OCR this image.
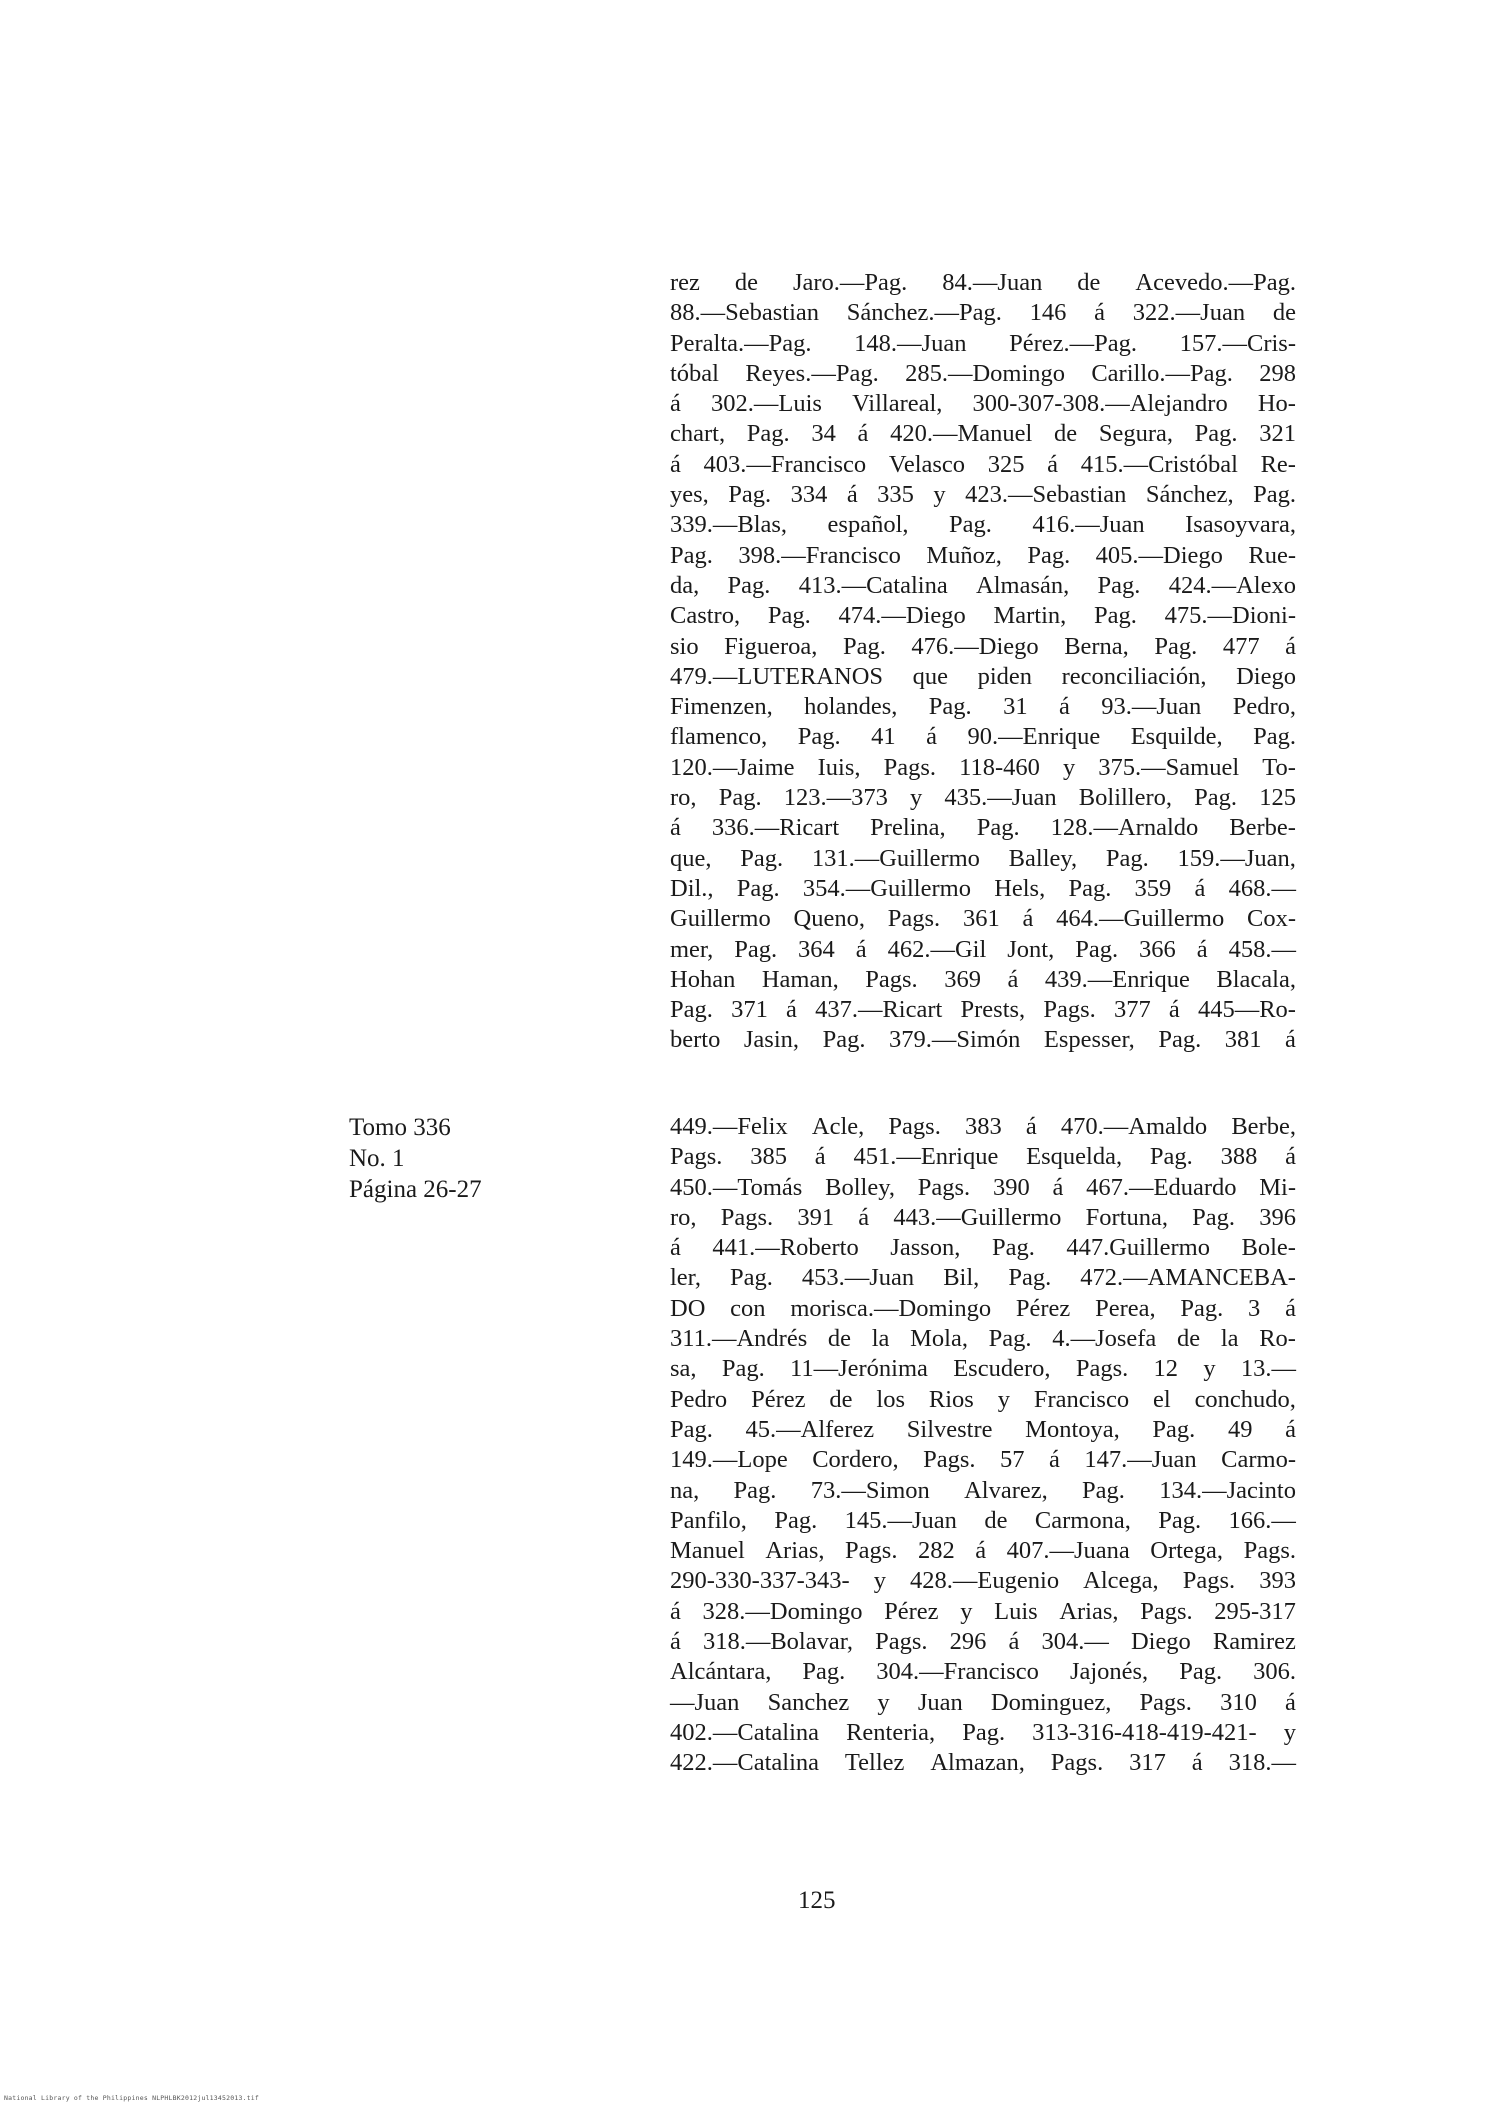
rez de Jaro.—Pag. 84.—Juan de Acevedo.—Pag.
88.—Sebastian Sánchez.—Pag. 146 á 322.—Juan de
Peralta.—Pag. 148.—Juan Pérez.—Pag. 157.—Cris-
tóbal Reyes.—Pag. 285.—Domingo Carillo.—Pag. 298
á 302.—Luis Villareal, 300-307-308.—Alejandro Ho-
chart, Pag. 34 á 420.—Manuel de Segura, Pag. 321
á 403.—Francisco Velasco 325 á 415.—Cristóbal Re-
yes, Pag. 334 á 335 y 423.—Sebastian Sánchez, Pag.
339.—Blas, español, Pag. 416.—Juan Isasoyvara,
Pag. 398.—Francisco Muñoz, Pag. 405.—Diego Rue-
da, Pag. 413.—Catalina Almasán, Pag. 424.—Alexo
Castro, Pag. 474.—Diego Martin, Pag. 475.—Dioni-
sio Figueroa, Pag. 476.—Diego Berna, Pag. 477 á
479.—LUTERANOS que piden reconciliación, Diego
Fimenzen, holandes, Pag. 31 á 93.—Juan Pedro,
flamenco, Pag. 41 á 90.—Enrique Esquilde, Pag.
120.—Jaime Iuis, Pags. 118-460 y 375.—Samuel To-
ro, Pag. 123.—373 y 435.—Juan Bolillero, Pag. 125
á 336.—Ricart Prelina, Pag. 128.—Arnaldo Berbe-
que, Pag. 131.—Guillermo Balley, Pag. 159.—Juan,
Dil., Pag. 354.—Guillermo Hels, Pag. 359 á 468.—
Guillermo Queno, Pags. 361 á 464.—Guillermo Cox-
mer, Pag. 364 á 462.—Gil Jont, Pag. 366 á 458.—
Hohan Haman, Pags. 369 á 439.—Enrique Blacala,
Pag. 371 á 437.—Ricart Prests, Pags. 377 á 445—Ro-
berto Jasin, Pag. 379.—Simón Espesser, Pag. 381 á
Tomo 336
No. 1
Página 26-27
449.—Felix Acle, Pags. 383 á 470.—Amaldo Berbe,
Pags. 385 á 451.—Enrique Esquelda, Pag. 388 á
450.—Tomás Bolley, Pags. 390 á 467.—Eduardo Mi-
ro, Pags. 391 á 443.—Guillermo Fortuna, Pag. 396
á 441.—Roberto Jasson, Pag. 447.Guillermo Bole-
ler, Pag. 453.—Juan Bil, Pag. 472.—AMANCEBA-
DO con morisca.—Domingo Pérez Perea, Pag. 3 á
311.—Andrés de la Mola, Pag. 4.—Josefa de la Ro-
sa, Pag. 11—Jerónima Escudero, Pags. 12 y 13.—
Pedro Pérez de los Rios y Francisco el conchudo,
Pag. 45.—Alferez Silvestre Montoya, Pag. 49 á
149.—Lope Cordero, Pags. 57 á 147.—Juan Carmo-
na, Pag. 73.—Simon Alvarez, Pag. 134.—Jacinto
Panfilo, Pag. 145.—Juan de Carmona, Pag. 166.—
Manuel Arias, Pags. 282 á 407.—Juana Ortega, Pags.
290-330-337-343- y 428.—Eugenio Alcega, Pags. 393
á 328.—Domingo Pérez y Luis Arias, Pags. 295-317
á 318.—Bolavar, Pags. 296 á 304.— Diego Ramirez
Alcántara, Pag. 304.—Francisco Jajonés, Pag. 306.
—Juan Sanchez y Juan Dominguez, Pags. 310 á
402.—Catalina Renteria, Pag. 313-316-418-419-421- y
422.—Catalina Tellez Almazan, Pags. 317 á 318.—
125
National Library of the Philippines NLPHLBK2012jul13452013.tif
